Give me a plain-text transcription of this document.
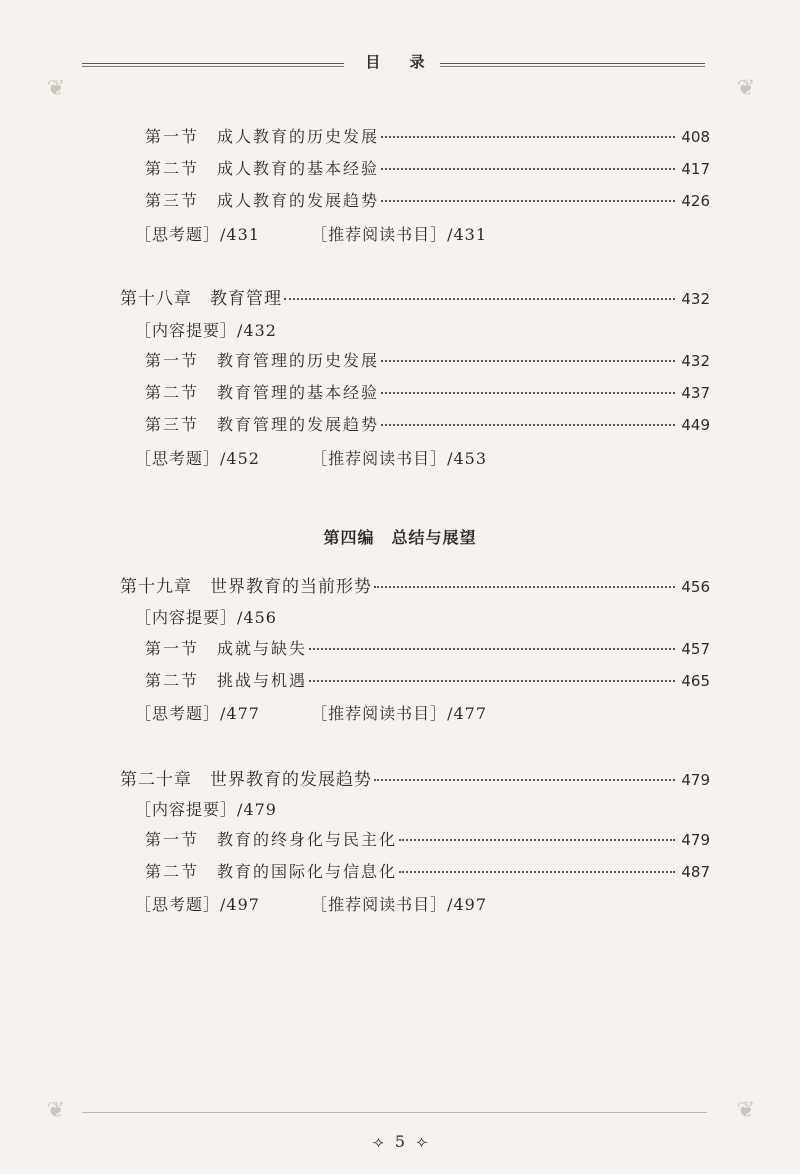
目 录
❦	❦
❦	❦
第一节　成人教育的历史发展	408
第二节　成人教育的基本经验	417
第三节　成人教育的发展趋势	426
［思考题］/431	［推荐阅读书目］/431
第十八章　教育管理	432
［内容提要］/432
第一节　教育管理的历史发展	432
第二节　教育管理的基本经验	437
第三节　教育管理的发展趋势	449
［思考题］/452	［推荐阅读书目］/453
第四编　总结与展望
第十九章　世界教育的当前形势	456
［内容提要］/456
第一节　成就与缺失	457
第二节　挑战与机遇	465
［思考题］/477	［推荐阅读书目］/477
第二十章　世界教育的发展趋势	479
［内容提要］/479
第一节　教育的终身化与民主化	479
第二节　教育的国际化与信息化	487
［思考题］/497	［推荐阅读书目］/497
⟢ 5 ⟣
